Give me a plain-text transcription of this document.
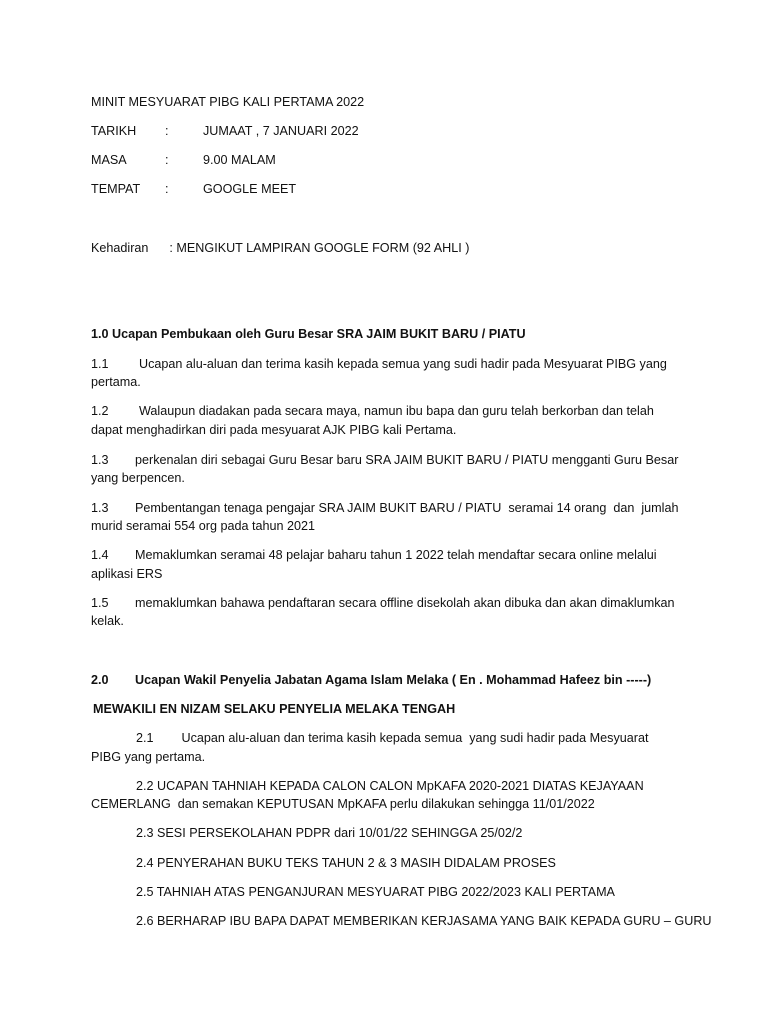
MINIT MESYUARAT PIBG KALI PERTAMA 2022
TARIKH :	JUMAAT , 7 JANUARI 2022
MASA	:	9.00 MALAM
TEMPAT :	GOOGLE MEET
Kehadiran      : MENGIKUT LAMPIRAN GOOGLE FORM (92 AHLI )
1.0 Ucapan Pembukaan oleh Guru Besar SRA JAIM BUKIT BARU / PIATU
1.1 Ucapan alu-aluan dan terima kasih kepada semua yang sudi hadir pada Mesyuarat PIBG yang
pertama.
1.2 Walaupun diadakan pada secara maya, namun ibu bapa dan guru telah berkorban dan telah
dapat menghadirkan diri pada mesyuarat AJK PIBG kali Pertama.
1.3 perkenalan diri sebagai Guru Besar baru SRA JAIM BUKIT BARU / PIATU mengganti Guru Besar
yang berpencen.
1.3 Pembentangan tenaga pengajar SRA JAIM BUKIT BARU / PIATU  seramai 14 orang  dan  jumlah
murid seramai 554 org pada tahun 2021
1.4 Memaklumkan seramai 48 pelajar baharu tahun 1 2022 telah mendaftar secara online melalui
aplikasi ERS
1.5 memaklumkan bahawa pendaftaran secara offline disekolah akan dibuka dan akan dimaklumkan
kelak.
2.0 Ucapan Wakil Penyelia Jabatan Agama Islam Melaka ( En . Mohammad Hafeez bin -----)
MEWAKILI EN NIZAM SELAKU PENYELIA MELAKA TENGAH
2.1        Ucapan alu-aluan dan terima kasih kepada semua  yang sudi hadir pada Mesyuarat
PIBG yang pertama.
2.2 UCAPAN TAHNIAH KEPADA CALON CALON MpKAFA 2020-2021 DIATAS KEJAYAAN
CEMERLANG  dan semakan KEPUTUSAN MpKAFA perlu dilakukan sehingga 11/01/2022
2.3 SESI PERSEKOLAHAN PDPR dari 10/01/22 SEHINGGA 25/02/2
2.4 PENYERAHAN BUKU TEKS TAHUN 2 & 3 MASIH DIDALAM PROSES
2.5 TAHNIAH ATAS PENGANJURAN MESYUARAT PIBG 2022/2023 KALI PERTAMA
2.6 BERHARAP IBU BAPA DAPAT MEMBERIKAN KERJASAMA YANG BAIK KEPADA GURU – GURU
